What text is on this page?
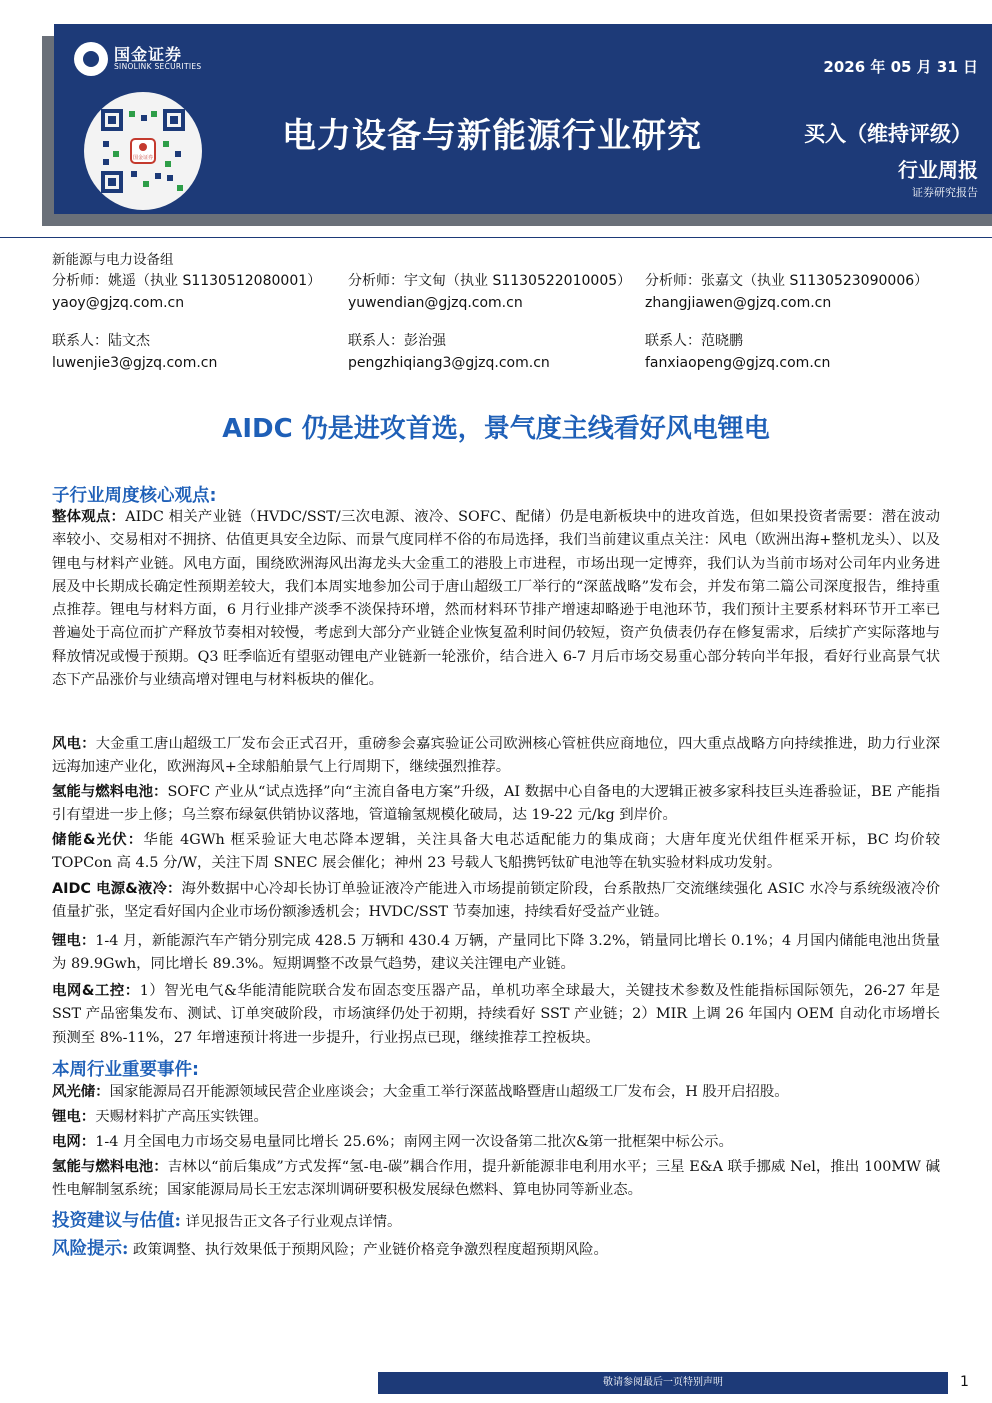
国金证券
SINOLINK SECURITIES
国金证券
2026 年 05 月 31 日
电力设备与新能源行业研究	买入（维持评级）
行业周报
证券研究报告
新能源与电力设备组
分析师：姚遥（执业 S1130512080001）
yaoy@gjzq.com.cn
分析师：宇文甸（执业 S1130522010005）
yuwendian@gjzq.com.cn
分析师：张嘉文（执业 S1130523090006）
zhangjiawen@gjzq.com.cn
联系人：陆文杰
luwenjie3@gjzq.com.cn
联系人：彭治强
pengzhiqiang3@gjzq.com.cn
联系人：范晓鹏
fanxiaopeng@gjzq.com.cn
AIDC 仍是进攻首选，景气度主线看好风电锂电
子行业周度核心观点:
整体观点：AIDC 相关产业链（HVDC/SST/三次电源、液冷、SOFC、配储）仍是电新板块中的进攻首选，但如果投资者需要：潜在波动率较小、交易相对不拥挤、估值更具安全边际、而景气度同样不俗的布局选择，我们当前建议重点关注：风电（欧洲出海+整机龙头）、以及锂电与材料产业链。风电方面，围绕欧洲海风出海龙头大金重工的港股上市进程，市场出现一定博弈，我们认为当前市场对公司年内业务进展及中长期成长确定性预期差较大，我们本周实地参加公司于唐山超级工厂举行的“深蓝战略”发布会，并发布第二篇公司深度报告，维持重点推荐。锂电与材料方面，6 月行业排产淡季不淡保持环增，然而材料环节排产增速却略逊于电池环节，我们预计主要系材料环节开工率已普遍处于高位而扩产释放节奏相对较慢，考虑到大部分产业链企业恢复盈利时间仍较短，资产负债表仍存在修复需求，后续扩产实际落地与释放情况或慢于预期。Q3 旺季临近有望驱动锂电产业链新一轮涨价，结合进入 6-7 月后市场交易重心部分转向半年报，看好行业高景气状态下产品涨价与业绩高增对锂电与材料板块的催化。
风电：大金重工唐山超级工厂发布会正式召开，重磅参会嘉宾验证公司欧洲核心管桩供应商地位，四大重点战略方向持续推进，助力行业深远海加速产业化，欧洲海风+全球船舶景气上行周期下，继续强烈推荐。
氢能与燃料电池：SOFC 产业从“试点选择”向“主流自备电方案”升级，AI 数据中心自备电的大逻辑正被多家科技巨头连番验证，BE 产能指引有望进一步上修；乌兰察布绿氨供销协议落地，管道输氢规模化破局，达 19-22 元/kg 到岸价。
储能&光伏：华能 4GWh 框采验证大电芯降本逻辑，关注具备大电芯适配能力的集成商；大唐年度光伏组件框采开标，BC 均价较 TOPCon 高 4.5 分/W，关注下周 SNEC 展会催化；神州 23 号载人飞船携钙钛矿电池等在轨实验材料成功发射。
AIDC 电源&液冷：海外数据中心冷却长协订单验证液冷产能进入市场提前锁定阶段，台系散热厂交流继续强化 ASIC 水冷与系统级液冷价值量扩张，坚定看好国内企业市场份额渗透机会；HVDC/SST 节奏加速，持续看好受益产业链。
锂电：1-4 月，新能源汽车产销分别完成 428.5 万辆和 430.4 万辆，产量同比下降 3.2%，销量同比增长 0.1%；4 月国内储能电池出货量为 89.9Gwh，同比增长 89.3%。短期调整不改景气趋势，建议关注锂电产业链。
电网&工控：1）智光电气&华能清能院联合发布固态变压器产品，单机功率全球最大，关键技术参数及性能指标国际领先，26-27 年是 SST 产品密集发布、测试、订单突破阶段，市场演绎仍处于初期，持续看好 SST 产业链；2）MIR 上调 26 年国内 OEM 自动化市场增长预测至 8%-11%，27 年增速预计将进一步提升，行业拐点已现，继续推荐工控板块。
本周行业重要事件:
风光储：国家能源局召开能源领域民营企业座谈会；大金重工举行深蓝战略暨唐山超级工厂发布会，H 股开启招股。
锂电：天赐材料扩产高压实铁锂。
电网：1-4 月全国电力市场交易电量同比增长 25.6%；南网主网一次设备第二批次&第一批框架中标公示。
氢能与燃料电池：吉林以“前后集成”方式发挥“氢-电-碳”耦合作用，提升新能源非电利用水平；三星 E&A 联手挪威 Nel，推出 100MW 碱性电解制氢系统；国家能源局局长王宏志深圳调研要积极发展绿色燃料、算电协同等新业态。
投资建议与估值: 详见报告正文各子行业观点详情。
风险提示: 政策调整、执行效果低于预期风险；产业链价格竞争激烈程度超预期风险。
敬请参阅最后一页特别声明	1
